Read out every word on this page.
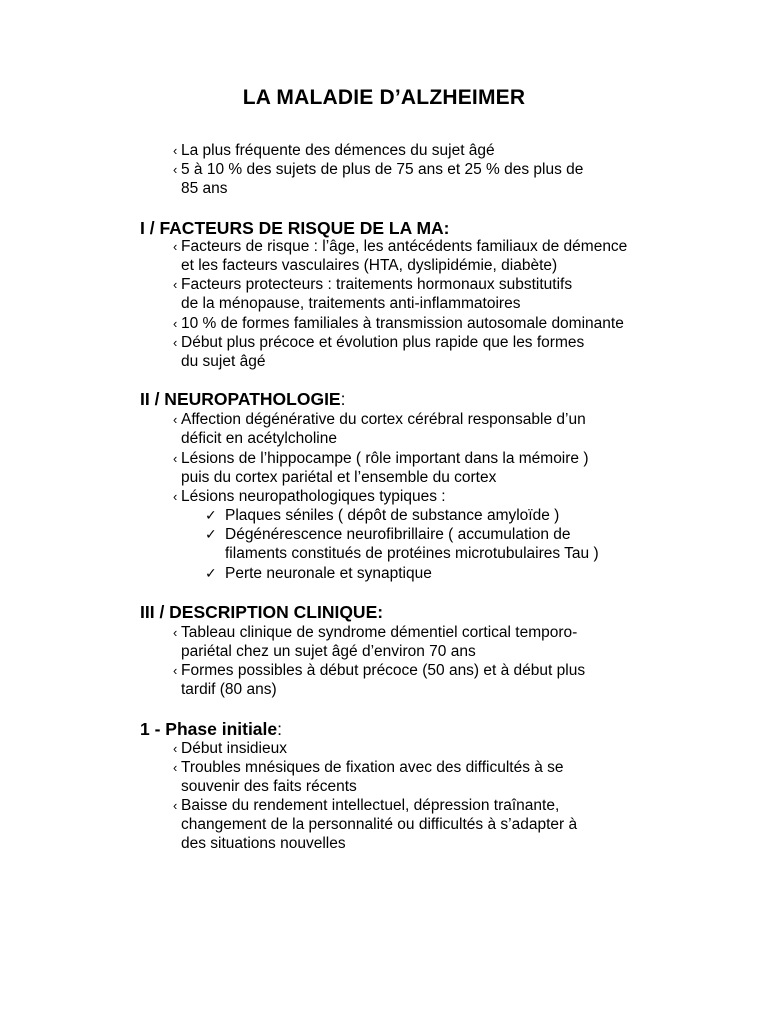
LA MALADIE D’ALZHEIMER
‹ La plus fréquente des démences du sujet âgé
‹ 5 à 10 % des sujets de plus de 75 ans et 25 % des plus de
85 ans
I / FACTEURS DE RISQUE DE LA MA:
‹ Facteurs de risque : l’âge, les antécédents familiaux de démence
et les facteurs vasculaires (HTA, dyslipidémie, diabète)
‹ Facteurs protecteurs : traitements hormonaux substitutifs
de la ménopause, traitements anti-inflammatoires
‹ 10 % de formes familiales à transmission autosomale dominante
‹ Début plus précoce et évolution plus rapide que les formes
du sujet âgé
II / NEUROPATHOLOGIE:
‹ Affection dégénérative du cortex cérébral responsable d’un
déficit en acétylcholine
‹ Lésions de l’hippocampe ( rôle important dans la mémoire )
puis du cortex pariétal et l’ensemble du cortex
‹ Lésions neuropathologiques typiques :
✓ Plaques séniles ( dépôt de substance amyloïde )
✓ Dégénérescence neurofibrillaire ( accumulation de
filaments constitués de protéines microtubulaires Tau )
✓ Perte neuronale et synaptique
III / DESCRIPTION CLINIQUE:
‹ Tableau clinique de syndrome démentiel cortical temporo-
pariétal chez un sujet âgé d’environ 70 ans
‹ Formes possibles à début précoce (50 ans) et à début plus
tardif (80 ans)
1 - Phase initiale:
‹ Début insidieux
‹ Troubles mnésiques de fixation avec des difficultés à se
souvenir des faits récents
‹ Baisse du rendement intellectuel, dépression traînante,
changement de la personnalité ou difficultés à s’adapter à
des situations nouvelles
